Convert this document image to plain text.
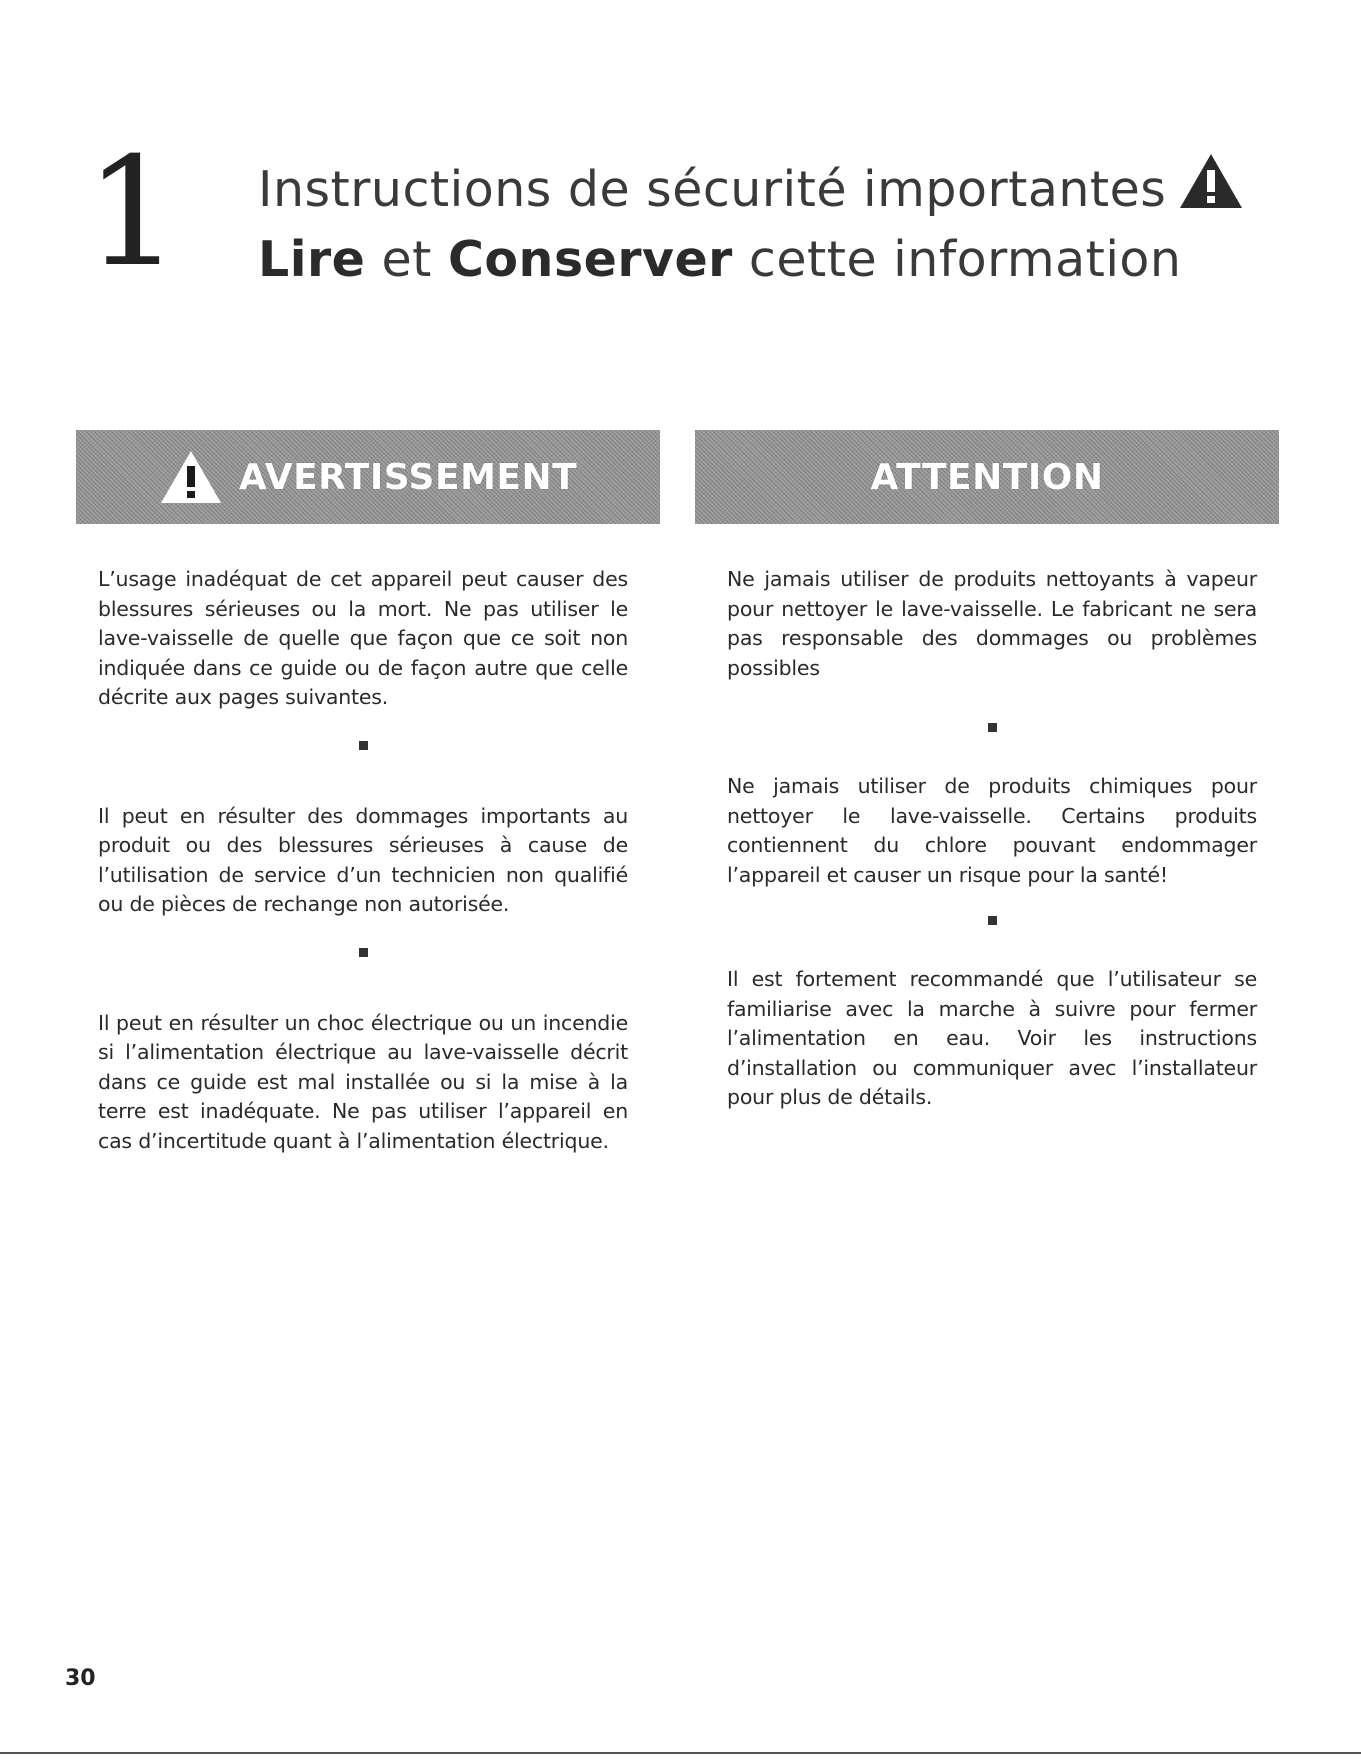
1 Instructions de sécurité importantes
Lire et Conserver cette information
AVERTISSEMENT	ATTENTION

L’usage inadéquat de cet appareil peut causer des blessures sérieuses ou la mort. Ne pas utiliser le lave-vaisselle de quelle que façon que ce soit non indiquée dans ce guide ou de façon autre que celle décrite aux pages suivantes.

Il peut en résulter des dommages importants au produit ou des blessures sérieuses à cause de l’utilisation de service d’un technicien non qualifié ou de pièces de rechange non autorisée.

Il peut en résulter un choc électrique ou un incendie si l’alimentation électrique au lave-vaisselle décrit dans ce guide est mal installée ou si la mise à la terre est inadéquate. Ne pas utiliser l’appareil en cas d’incertitude quant à l’alimentation électrique.

Ne jamais utiliser de produits nettoyants à vapeur pour nettoyer le lave-vaisselle. Le fabricant ne sera pas responsable des dommages ou problèmes possibles

Ne jamais utiliser de produits chimiques pour nettoyer le lave-vaisselle. Certains produits contiennent du chlore pouvant endommager l’appareil et causer un risque pour la santé!

Il est fortement recommandé que l’utilisateur se familiarise avec la marche à suivre pour fermer l’alimentation en eau. Voir les instructions d’installation ou communiquer avec l’installateur pour plus de détails.

30
